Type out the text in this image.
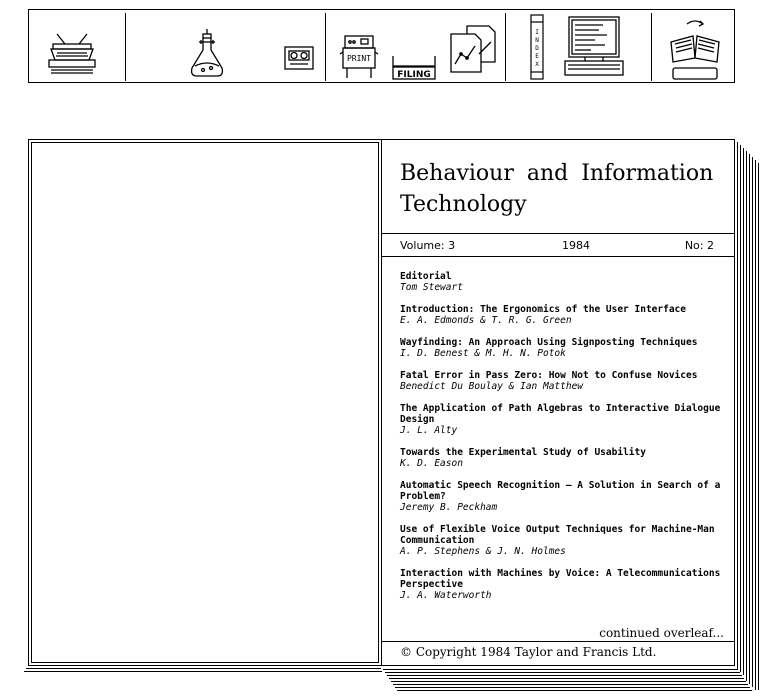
PRINT
FILING
I
N
D
E
X
Behaviour and Information
Technology
Volume: 3	1984	No: 2
Editorial
Tom Stewart
Introduction: The Ergonomics of the User Interface
E. A. Edmonds & T. R. G. Green
Wayfinding: An Approach Using Signposting Techniques
I. D. Benest & M. H. N. Potok
Fatal Error in Pass Zero: How Not to Confuse Novices
Benedict Du Boulay & Ian Matthew
The Application of Path Algebras to Interactive Dialogue Design
J. L. Alty
Towards the Experimental Study of Usability
K. D. Eason
Automatic Speech Recognition — A Solution in Search of a Problem?
Jeremy B. Peckham
Use of Flexible Voice Output Techniques for Machine-Man Communication
A. P. Stephens & J. N. Holmes
Interaction with Machines by Voice: A Telecommunications Perspective
J. A. Waterworth
continued overleaf...
© Copyright 1984 Taylor and Francis Ltd.
